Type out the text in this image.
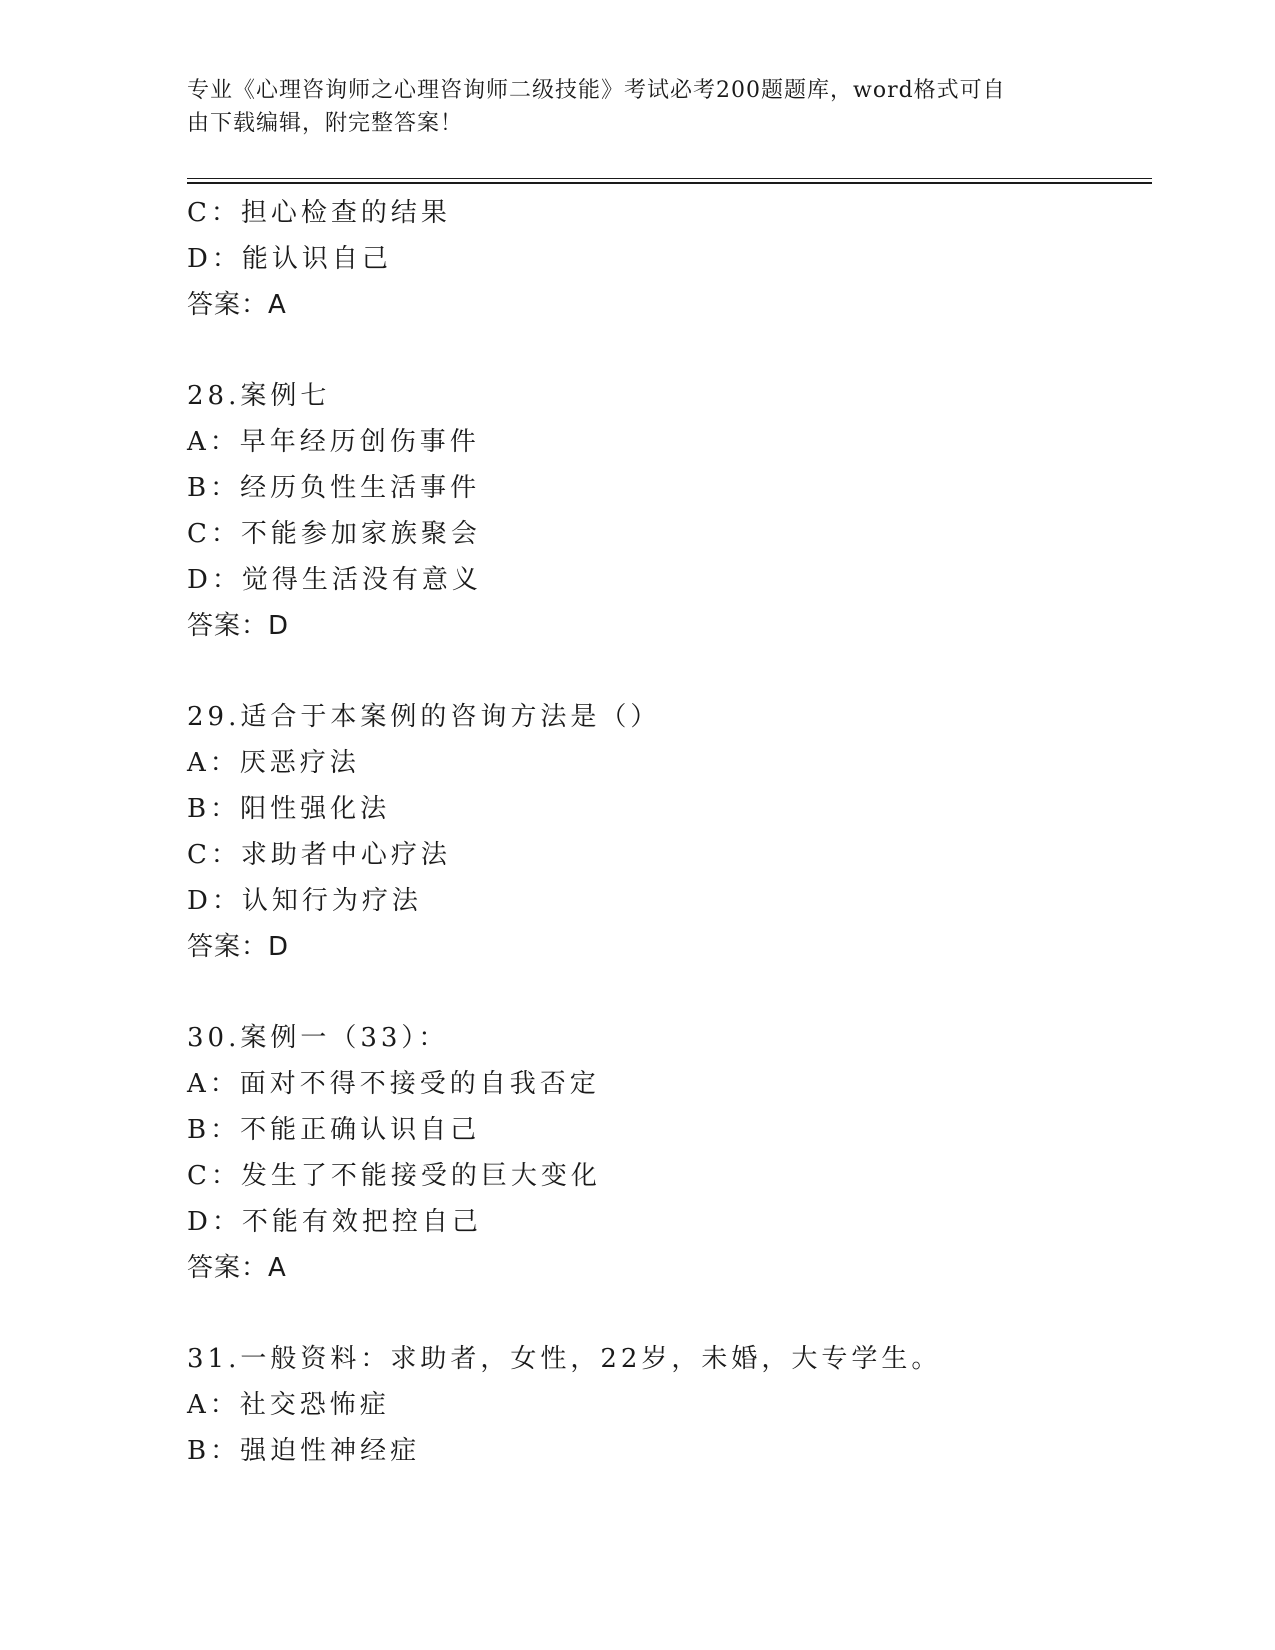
专业《心理咨询师之心理咨询师二级技能》考试必考200题题库，word格式可自
由下载编辑，附完整答案！
C：担心检查的结果
D：能认识自己
答案：A
28.案例七
A：早年经历创伤事件
B：经历负性生活事件
C：不能参加家族聚会
D：觉得生活没有意义
答案：D
29.适合于本案例的咨询方法是（）
A：厌恶疗法
B：阳性强化法
C：求助者中心疗法
D：认知行为疗法
答案：D
30.案例一（33）：
A：面对不得不接受的自我否定
B：不能正确认识自己
C：发生了不能接受的巨大变化
D：不能有效把控自己
答案：A
31.一般资料：求助者，女性，22岁，未婚，大专学生。
A：社交恐怖症
B：强迫性神经症
